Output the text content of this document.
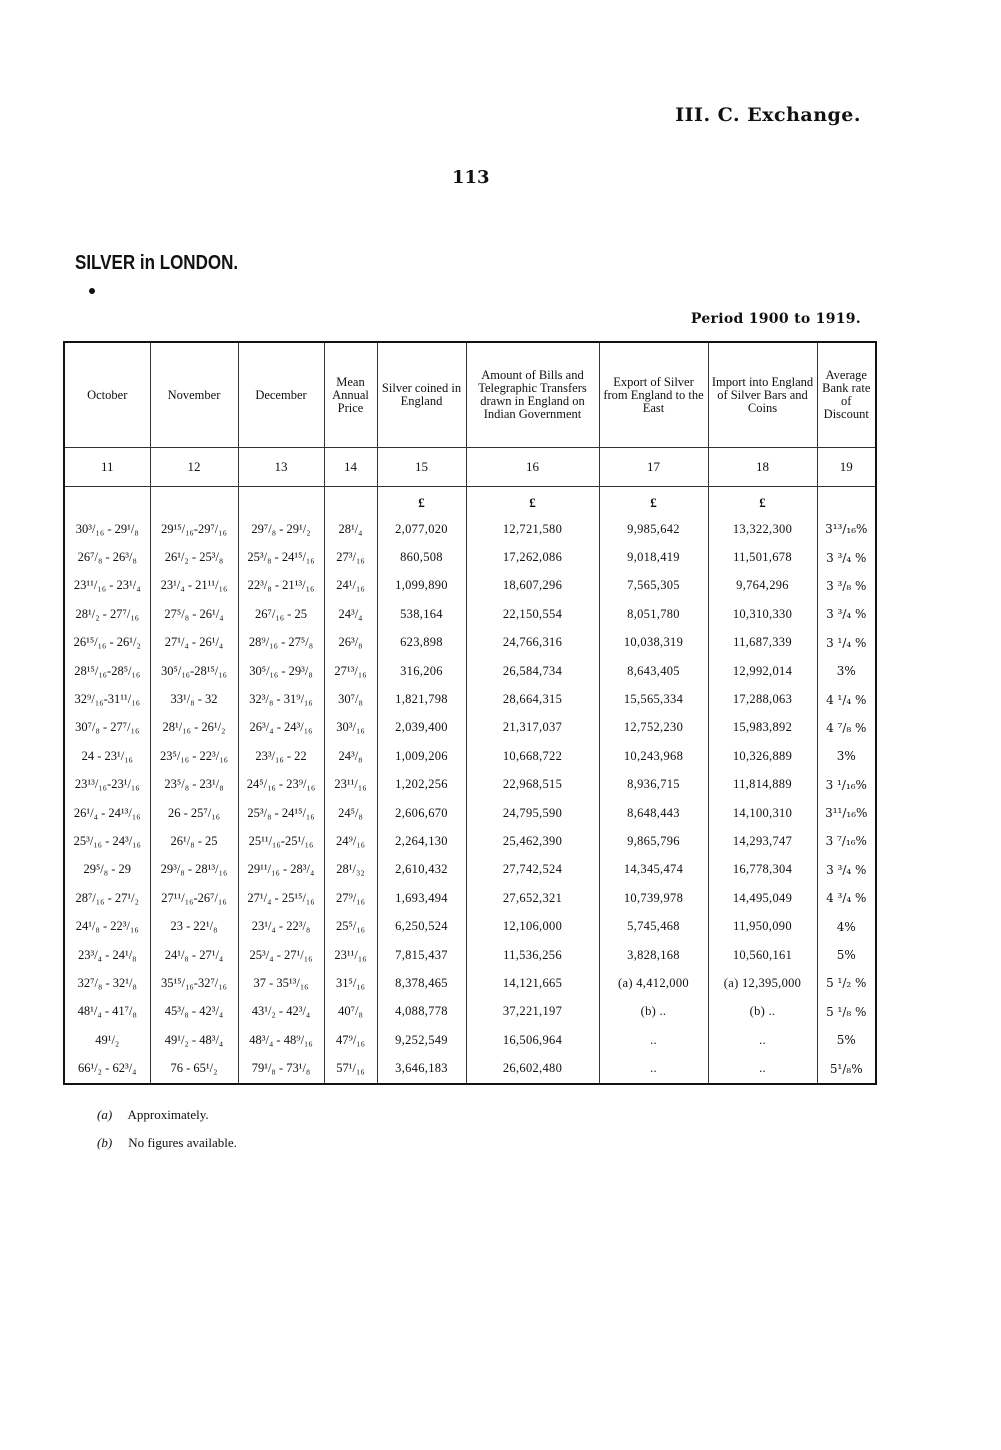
III. C. Exchange.
113
SILVER in LONDON.
Period 1900 to 1919.
October	November	December	Mean Annual Price	Silver coined in England	Amount of Bills and Telegraphic Transfers drawn in England on Indian Government	Export of Silver from England to the East	Import into England of Silver Bars and Coins	Average Bank rate of Discount
11	12	13	14	15	16	17	18	19
				£	£	£	£	
30³/₁₆ - 29¹/₈	29¹⁵/₁₆-29⁷/₁₆	29⁷/₈ - 29¹/₂	28¹/₄	2,077,020	12,721,580	9,985,642	13,322,300	3¹³/₁₆%
26⁷/₈ - 26³/₈	26¹/₂ - 25³/₈	25³/₈ - 24¹⁵/₁₆	27³/₁₆	860,508	17,262,086	9,018,419	11,501,678	3 ³/₄ %
23¹¹/₁₆ - 23¹/₄	23¹/₄ - 21¹¹/₁₆	22³/₈ - 21¹³/₁₆	24¹/₁₆	1,099,890	18,607,296	7,565,305	9,764,296	3 ³/₈ %
28¹/₂ - 27⁷/₁₆	27⁵/₈ - 26¹/₄	26⁷/₁₆ - 25	24³/₄	538,164	22,150,554	8,051,780	10,310,330	3 ³/₄ %
26¹⁵/₁₆ - 26¹/₂	27¹/₄ - 26¹/₄	28⁹/₁₆ - 27⁵/₈	26³/₈	623,898	24,766,316	10,038,319	11,687,339	3 ¹/₄ %
28¹⁵/₁₆-28⁵/₁₆	30⁵/₁₆-28¹⁵/₁₆	30⁵/₁₆ - 29³/₈	27¹³/₁₆	316,206	26,584,734	8,643,405	12,992,014	3%
32⁹/₁₆-31¹¹/₁₆	33¹/₈ - 32	32³/₈ - 31⁹/₁₆	30⁷/₈	1,821,798	28,664,315	15,565,334	17,288,063	4 ¹/₄ %
30⁷/₈ - 27⁷/₁₆	28¹/₁₆ - 26¹/₂	26³/₄ - 24³/₁₆	30³/₁₆	2,039,400	21,317,037	12,752,230	15,983,892	4 ⁷/₈ %
24 - 23¹/₁₆	23⁵/₁₆ - 22³/₁₆	23³/₁₆ - 22	24³/₈	1,009,206	10,668,722	10,243,968	10,326,889	3%
23¹³/₁₆-23¹/₁₆	23⁵/₈ - 23¹/₈	24⁵/₁₆ - 23⁹/₁₆	23¹¹/₁₆	1,202,256	22,968,515	8,936,715	11,814,889	3 ¹/₁₆%
26¹/₄ - 24¹³/₁₆	26 - 25⁷/₁₆	25³/₈ - 24¹⁵/₁₆	24⁵/₈	2,606,670	24,795,590	8,648,443	14,100,310	3¹¹/₁₆%
25³/₁₆ - 24³/₁₆	26¹/₈ - 25	25¹¹/₁₆-25¹/₁₆	24⁹/₁₆	2,264,130	25,462,390	9,865,796	14,293,747	3 ⁷/₁₆%
29⁵/₈ - 29	29³/₈ - 28¹³/₁₆	29¹¹/₁₆ - 28³/₄	28¹/₃₂	2,610,432	27,742,524	14,345,474	16,778,304	3 ³/₄ %
28⁷/₁₆ - 27¹/₂	27¹¹/₁₆-26⁷/₁₆	27¹/₄ - 25¹⁵/₁₆	27⁹/₁₆	1,693,494	27,652,321	10,739,978	14,495,049	4 ³/₄ %
24¹/₈ - 22³/₁₆	23 - 22¹/₈	23¹/₄ - 22³/₈	25⁵/₁₆	6,250,524	12,106,000	5,745,468	11,950,090	4%
23³/₄ - 24¹/₈	24¹/₈ - 27¹/₄	25³/₄ - 27¹/₁₆	23¹¹/₁₆	7,815,437	11,536,256	3,828,168	10,560,161	5%
32⁷/₈ - 32¹/₈	35¹⁵/₁₆-32⁷/₁₆	37 - 35¹³/₁₆	31⁵/₁₆	8,378,465	14,121,665	(a) 4,412,000	(a) 12,395,000	5 ¹/₂ %
48¹/₄ - 41⁷/₈	45³/₈ - 42³/₄	43¹/₂ - 42³/₄	40⁷/₈	4,088,778	37,221,197	(b) ..	(b) ..	5 ¹/₈ %
49¹/₂	49¹/₂ - 48³/₄	48³/₄ - 48⁹/₁₆	47⁹/₁₆	9,252,549	16,506,964	..	..	5%
66¹/₂ - 62³/₄	76 - 65¹/₂	79¹/₈ - 73¹/₈	57¹/₁₆	3,646,183	26,602,480	..	..	5¹/₈%
(a) Approximately.
(b) No figures available.
